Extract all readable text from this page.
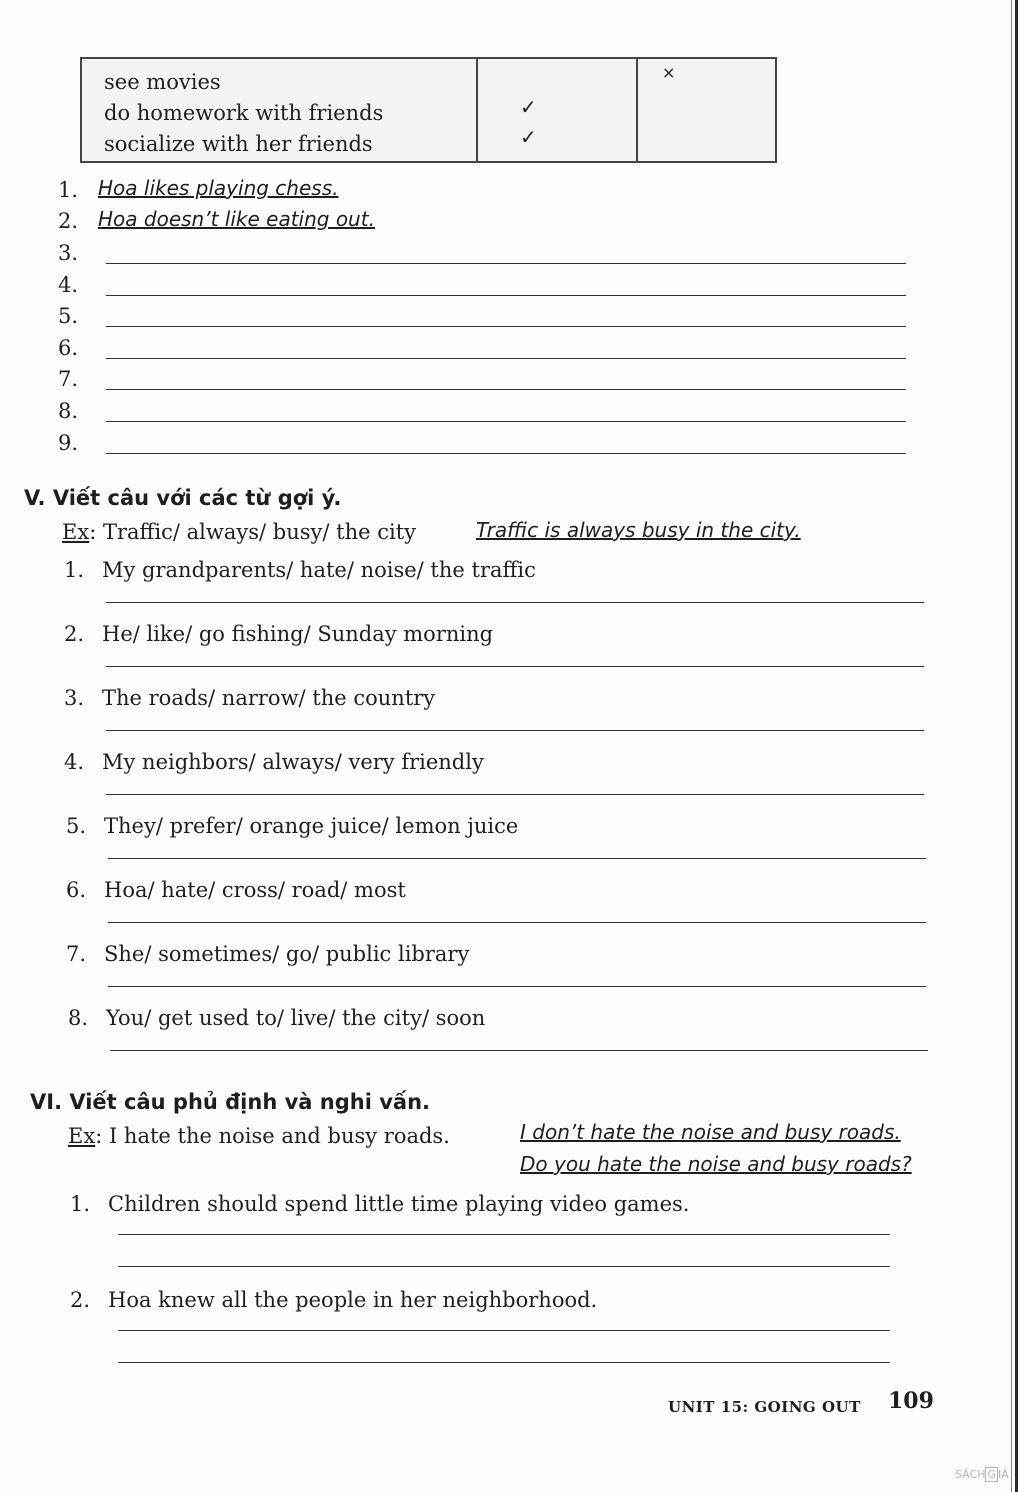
see movies
do homework with friends
socialize with her friends
✓
✓
×
1. Hoa likes playing chess.
2. Hoa doesn’t like eating out.
3.
4.
5.
6.
7.
8.
9.
V. Viết câu với các từ gợi ý.
Ex: Traffic/ always/ busy/ the city	Traffic is always busy in the city.
1. My grandparents/ hate/ noise/ the traffic
2. He/ like/ go fishing/ Sunday morning
3. The roads/ narrow/ the country
4. My neighbors/ always/ very friendly
5. They/ prefer/ orange juice/ lemon juice
6. Hoa/ hate/ cross/ road/ most
7. She/ sometimes/ go/ public library
8. You/ get used to/ live/ the city/ soon
VI. Viết câu phủ định và nghi vấn.
Ex: I hate the noise and busy roads.	I don’t hate the noise and busy roads.
Do you hate the noise and busy roads?
1. Children should spend little time playing video games.
2. Hoa knew all the people in her neighborhood.
UNIT 15: GOING OUT 109
SÁCH G IẢ
